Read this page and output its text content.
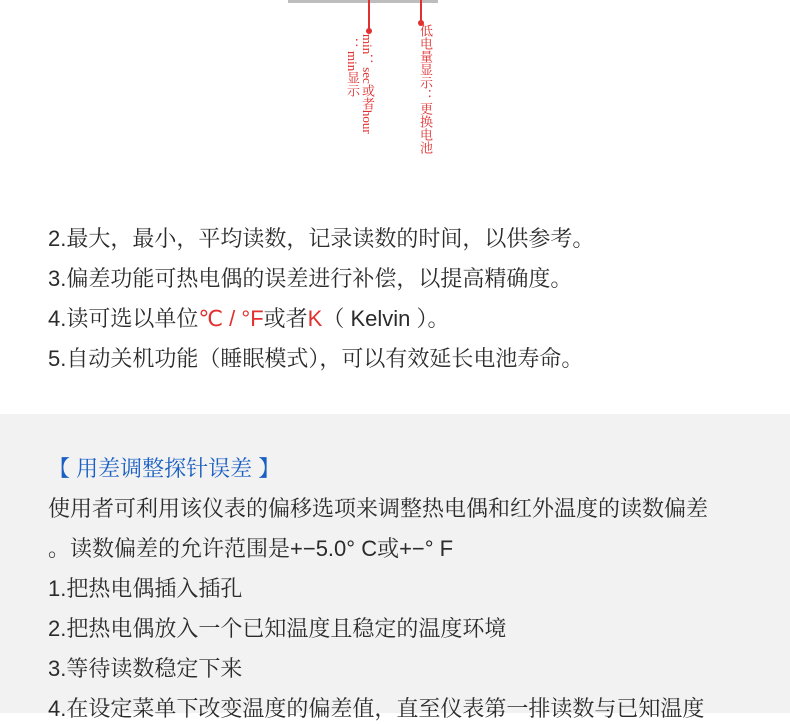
min：sec或者hour
：min显示	低电量显示：更换电池
2.最大，最小，平均读数，记录读数的时间，以供参考。
3.偏差功能可热电偶的误差进行补偿，以提高精确度。
4.读可选以单位℃ / °F或者K（ Kelvin ）。
5.自动关机功能（睡眠模式），可以有效延长电池寿命。
【 用差调整探针误差 】
使用者可利用该仪表的偏移选项来调整热电偶和红外温度的读数偏差
。读数偏差的允许范围是+−5.0° C或+−° F
1.把热电偶插入插孔
2.把热电偶放入一个已知温度且稳定的温度环境
3.等待读数稳定下来
4.在设定菜单下改变温度的偏差值，直至仪表第一排读数与已知温度
